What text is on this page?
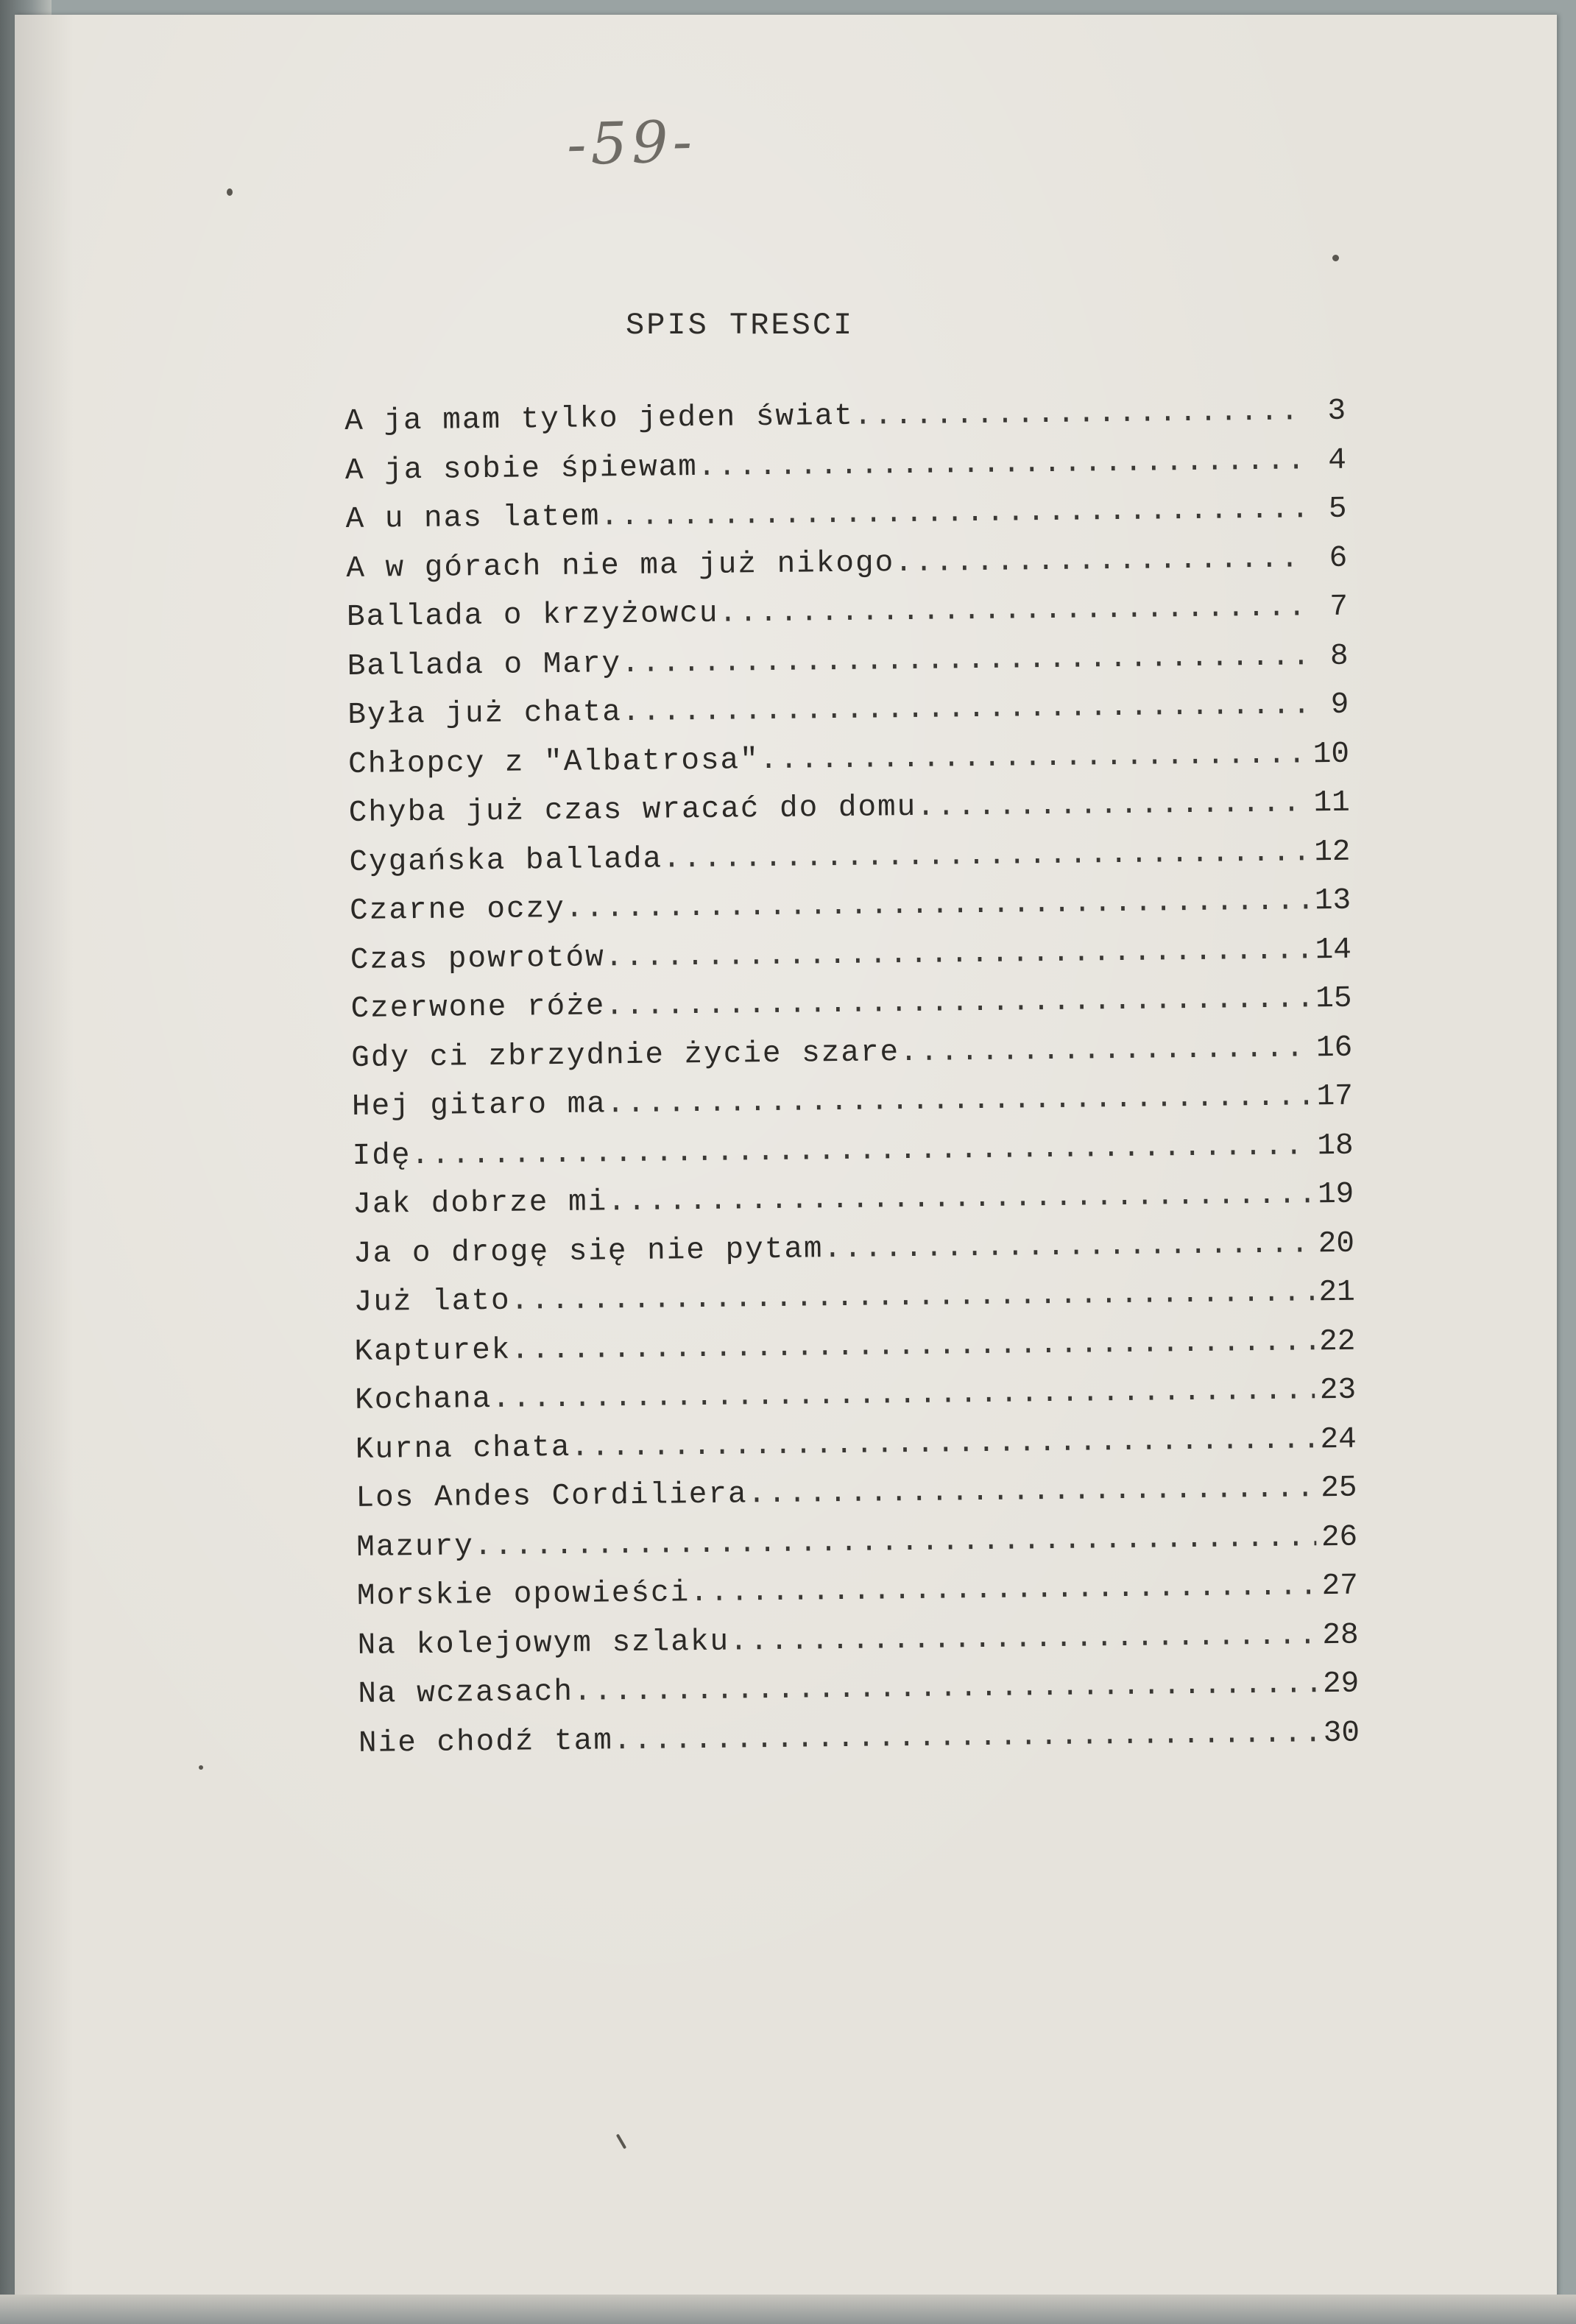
-59-
SPIS TRESCI
A ja mam tylko jeden świat .....	3
A ja sobie śpiewam .....	4
A u nas latem .....	5
A w górach nie ma już nikogo .....	6
Ballada o krzyżowcu .....	7
Ballada o Mary .....	8
Była już chata .....	9
Chłopcy z "Albatrosa" .....	10
Chyba już czas wracać do domu .....	11
Cygańska ballada .....	12
Czarne oczy .....	13
Czas powrotów .....	14
Czerwone róże .....	15
Gdy ci zbrzydnie życie szare .....	16
Hej gitaro ma .....	17
Idę .....	18
Jak dobrze mi .....	19
Ja o drogę się nie pytam .....	20
Już lato .....	21
Kapturek .....	22
Kochana .....	23
Kurna chata .....	24
Los Andes Cordiliera .....	25
Mazury .....	26
Morskie opowieści .....	27
Na kolejowym szlaku .....	28
Na wczasach .....	29
Nie chodź tam .....	30
